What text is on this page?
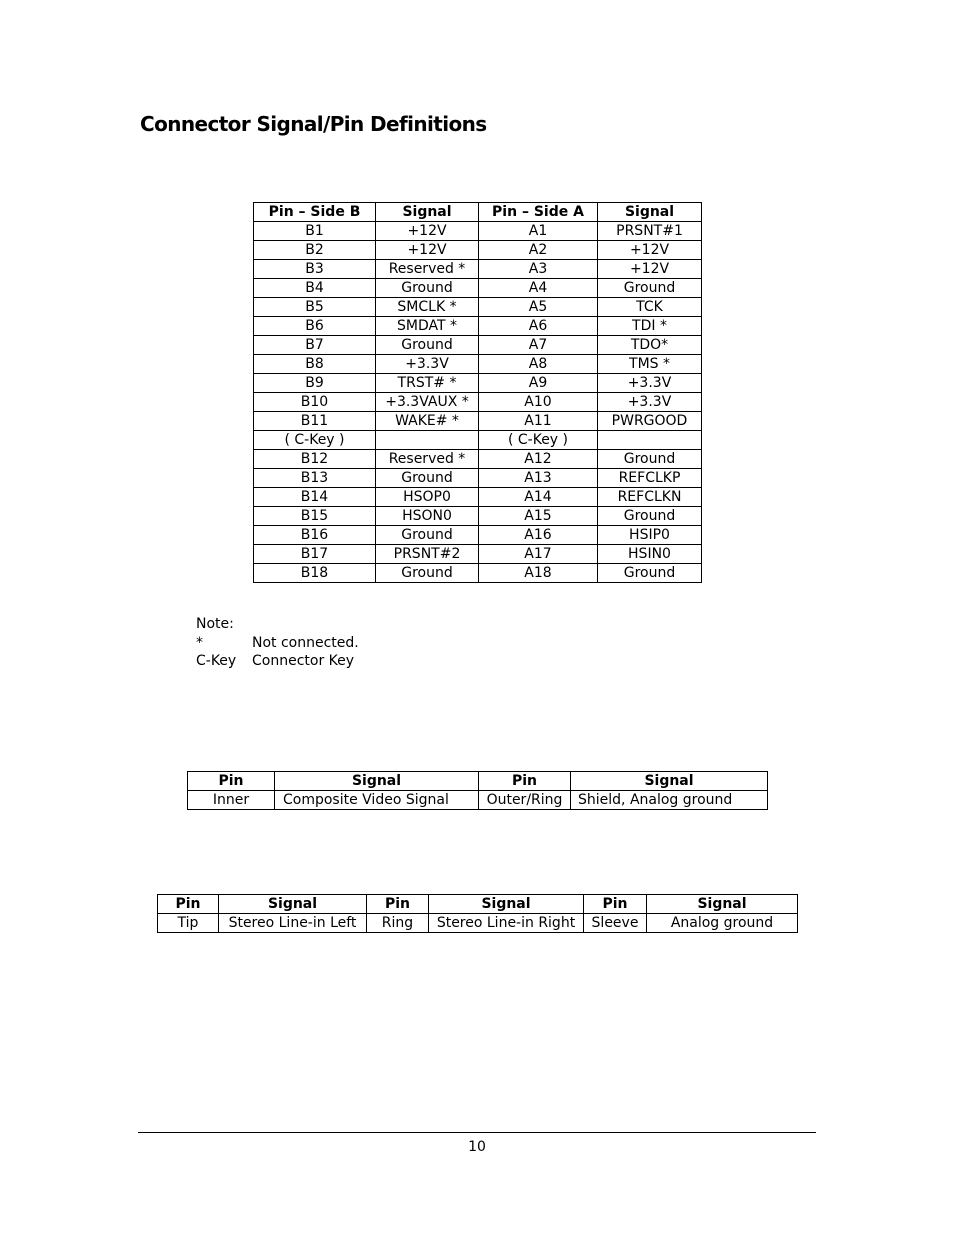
Connector Signal/Pin Definitions
Pin – Side B	Signal	Pin – Side A	Signal
B1	+12V	A1	PRSNT#1
B2	+12V	A2	+12V
B3	Reserved *	A3	+12V
B4	Ground	A4	Ground
B5	SMCLK *	A5	TCK
B6	SMDAT *	A6	TDI *
B7	Ground	A7	TDO*
B8	+3.3V	A8	TMS *
B9	TRST# *	A9	+3.3V
B10	+3.3VAUX *	A10	+3.3V
B11	WAKE# *	A11	PWRGOOD
( C-Key )		( C-Key )	
B12	Reserved *	A12	Ground
B13	Ground	A13	REFCLKP
B14	HSOP0	A14	REFCLKN
B15	HSON0	A15	Ground
B16	Ground	A16	HSIP0
B17	PRSNT#2	A17	HSIN0
B18	Ground	A18	Ground
Note:
*	Not connected.
C-Key	Connector Key
Pin	Signal	Pin	Signal
Inner	Composite Video Signal	Outer/Ring	Shield, Analog ground
Pin	Signal	Pin	Signal	Pin	Signal
Tip	Stereo Line-in Left	Ring	Stereo Line-in Right	Sleeve	Analog ground
10
